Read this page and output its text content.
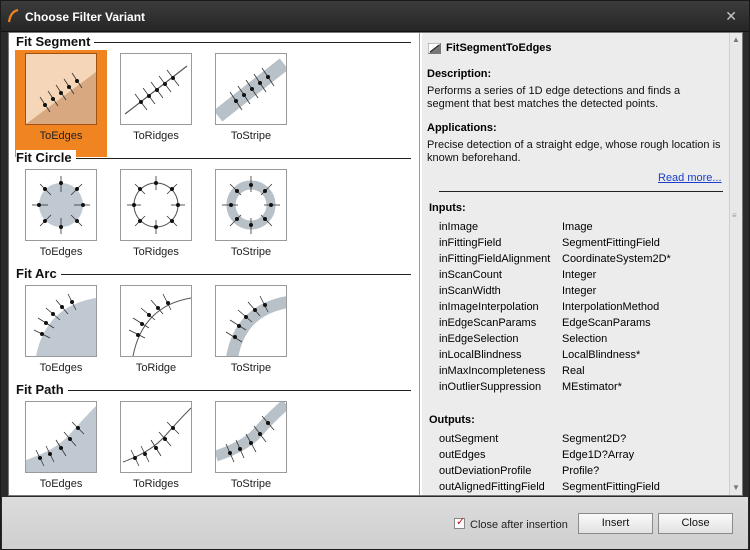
Choose Filter Variant	✕
Fit Segment
ToEdges	ToRidges	ToStripe
Fit Circle
ToEdges	ToRidges	ToStripe
Fit Arc
ToEdges	ToRidge	ToStripe
Fit Path
ToEdges	ToRidges	ToStripe
FitSegmentToEdges
Description:
Performs a series of 1D edge detections and finds a segment that best matches the detected points.
Applications:
Precise detection of a straight edge, whose rough location is known beforehand.
Read more...
Inputs:
inImage	Image
inFittingField	SegmentFittingField
inFittingFieldAlignment CoordinateSystem2D*
inScanCount	Integer
inScanWidth	Integer
inImageInterpolation InterpolationMethod
inEdgeScanParams EdgeScanParams
inEdgeSelection	Selection
inLocalBlindness	LocalBlindness*
inMaxIncompleteness Real
inOutlierSuppression MEstimator*
Outputs:
outSegment	Segment2D?
outEdges	Edge1D?Array
outDeviationProfile	Profile?
outAlignedFittingField SegmentFittingField
▲
≡
▼
✓ Close after insertion	Insert	Close
